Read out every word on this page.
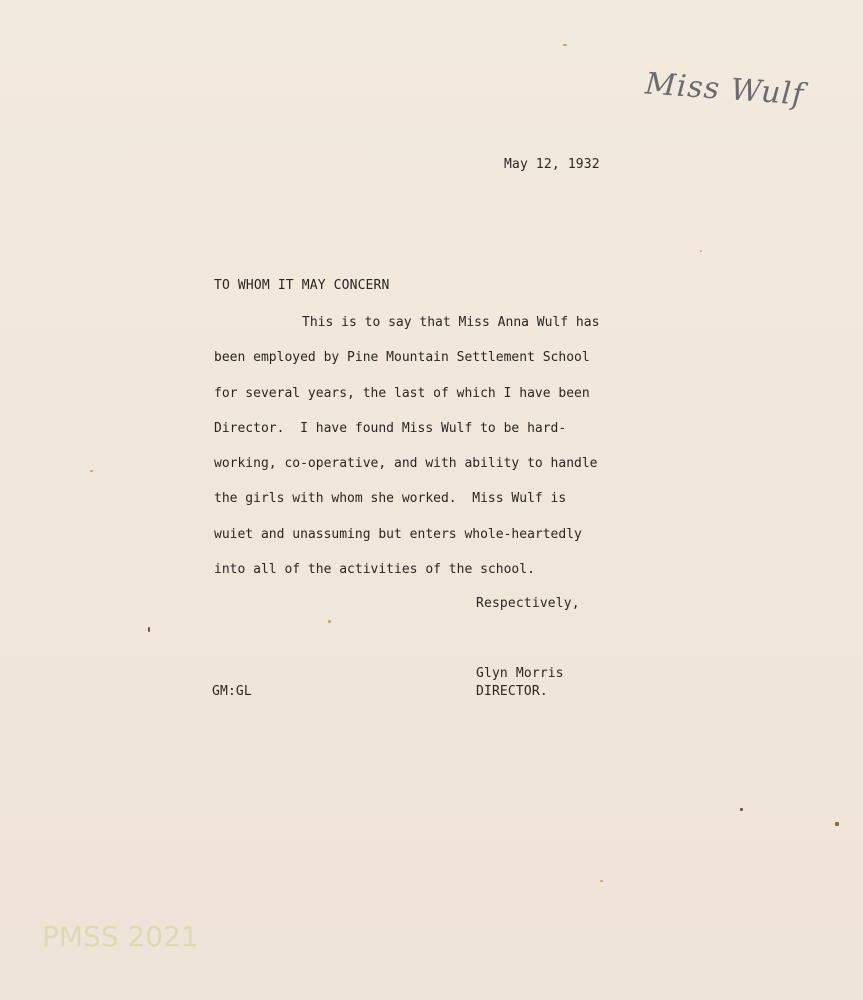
Miss Wulf
May 12, 1932
TO WHOM IT MAY CONCERN
This is to say that Miss Anna Wulf has
been employed by Pine Mountain Settlement School
for several years, the last of which I have been
Director.  I have found Miss Wulf to be hard-
working, co-operative, and with ability to handle
the girls with whom she worked.  Miss Wulf is
wuiet and unassuming but enters whole-heartedly
into all of the activities of the school.
Respectively,
Glyn Morris
DIRECTOR.
GM:GL
PMSS 2021
